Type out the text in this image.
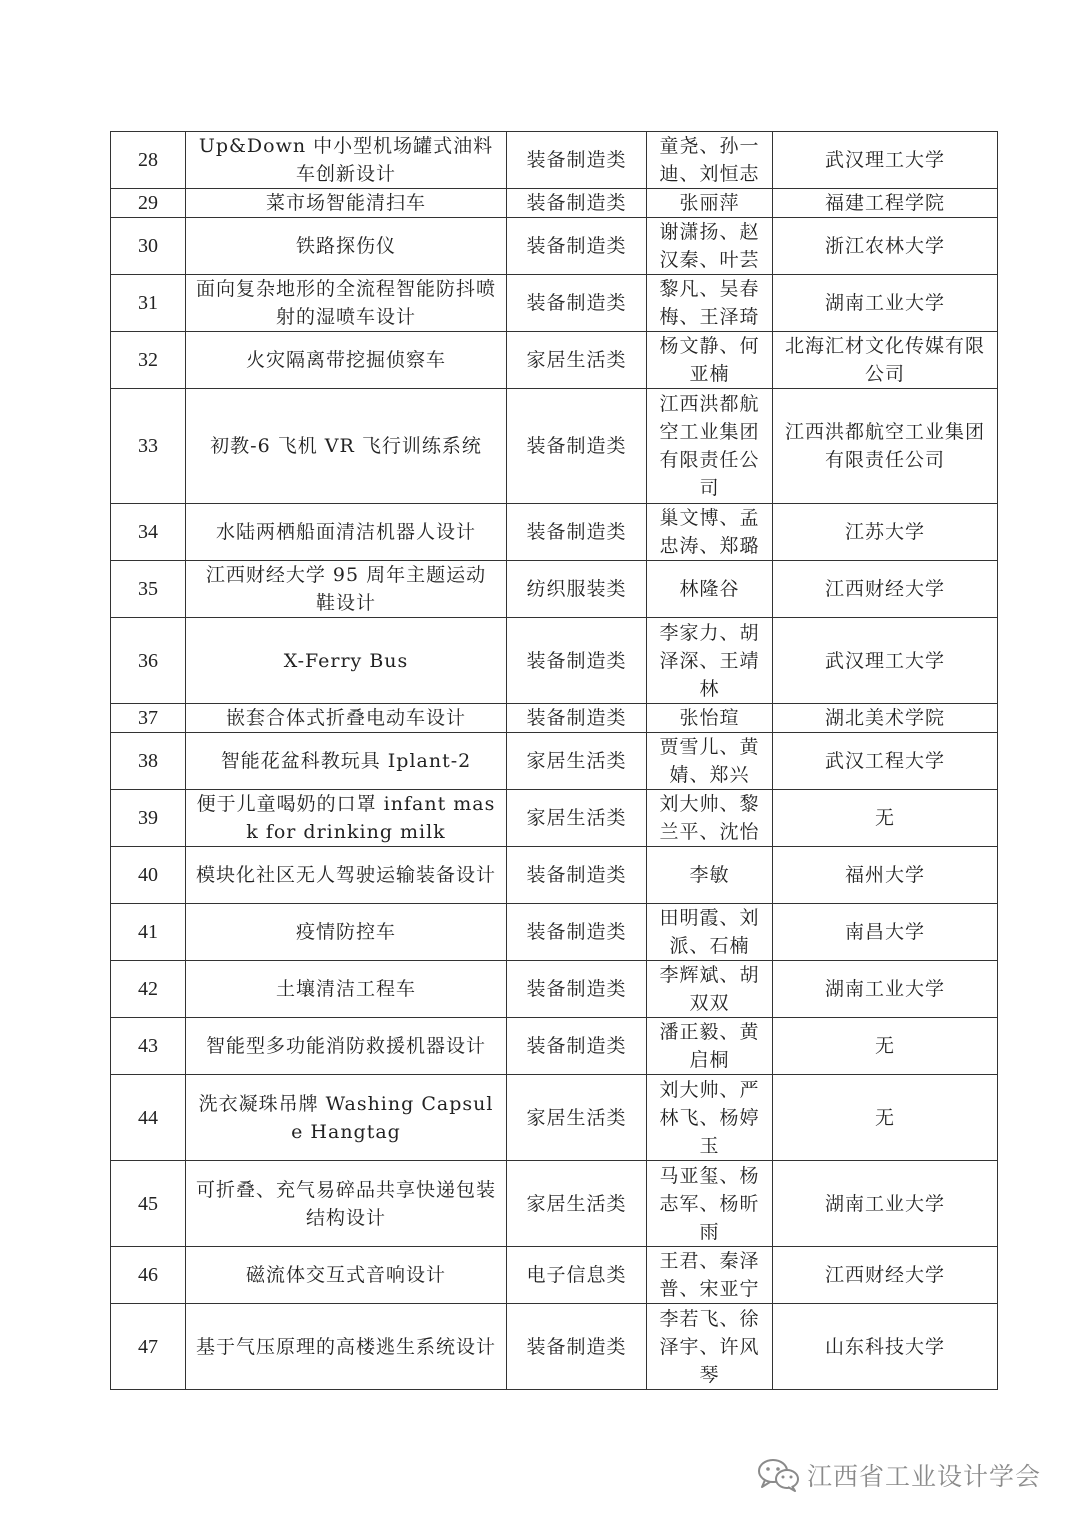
28	Up&Down 中小型机场罐式油料车创新设计	装备制造类	童尧、孙一迪、刘恒志	武汉理工大学
29	菜市场智能清扫车	装备制造类	张丽萍	福建工程学院
30	铁路探伤仪	装备制造类	谢潇扬、赵汉秦、叶芸	浙江农林大学
31	面向复杂地形的全流程智能防抖喷射的湿喷车设计	装备制造类	黎凡、吴春梅、王泽琦	湖南工业大学
32	火灾隔离带挖掘侦察车	家居生活类	杨文静、何亚楠	北海汇材文化传媒有限公司
33	初教-6 飞机 VR 飞行训练系统	装备制造类	江西洪都航空工业集团有限责任公司	江西洪都航空工业集团有限责任公司
34	水陆两栖船面清洁机器人设计	装备制造类	巢文博、孟忠涛、郑璐	江苏大学
35	江西财经大学 95 周年主题运动鞋设计	纺织服装类	林隆谷	江西财经大学
36	X-Ferry Bus	装备制造类	李家力、胡泽深、王靖林	武汉理工大学
37	嵌套合体式折叠电动车设计	装备制造类	张怡瑄	湖北美术学院
38	智能花盆科教玩具 Iplant-2	家居生活类	贾雪儿、黄婧、郑兴	武汉工程大学
39	便于儿童喝奶的口罩 infant mask for drinking milk	家居生活类	刘大帅、黎兰平、沈怡	无
40	模块化社区无人驾驶运输装备设计	装备制造类	李敏	福州大学
41	疫情防控车	装备制造类	田明霞、刘派、石楠	南昌大学
42	土壤清洁工程车	装备制造类	李辉斌、胡双双	湖南工业大学
43	智能型多功能消防救援机器设计	装备制造类	潘正毅、黄启桐	无
44	洗衣凝珠吊牌 Washing Capsule Hangtag	家居生活类	刘大帅、严林飞、杨婷玉	无
45	可折叠、充气易碎品共享快递包装结构设计	家居生活类	马亚玺、杨志军、杨昕雨	湖南工业大学
46	磁流体交互式音响设计	电子信息类	王君、秦泽普、宋亚宁	江西财经大学
47	基于气压原理的高楼逃生系统设计	装备制造类	李若飞、徐泽宇、许风琴	山东科技大学
江西省工业设计学会
